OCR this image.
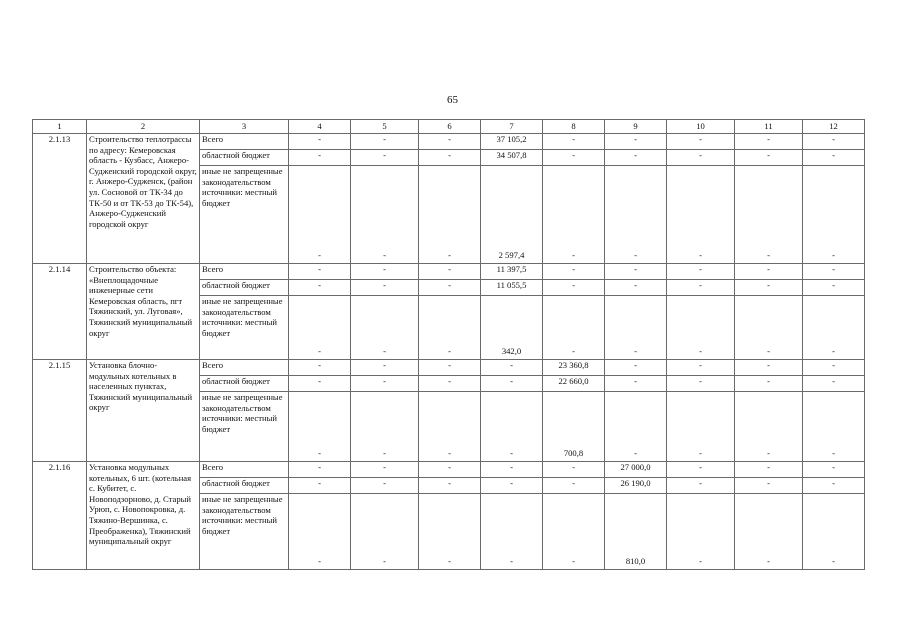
65
1	2	3	4	5	6	7	8	9	10	11	12
2.1.13	Строительство теплотрассы по адресу: Кемеровская область - Кузбасс, Анжеро-Судженский городской округ, г. Анжеро-Судженск, (район ул. Сосновой от ТК-34 до ТК-50 и от ТК-53 до ТК-54), Анжеро-Судженский городской округ	Всего	-	-	-	37 105,2	-	-	-	-	-
		областной бюджет	-	-	-	34 507,8	-	-	-	-	-
		иные не запрещенные законодательством источники: местный бюджет	-	-	-	2 597,4	-	-	-	-	-
2.1.14	Строительство объекта: «Внеплощадочные инженерные сети Кемеровская область, пгт Тяжинский, ул. Луговая», Тяжинский муниципальный округ	Всего	-	-	-	11 397,5	-	-	-	-	-
		областной бюджет	-	-	-	11 055,5	-	-	-	-	-
		иные не запрещенные законодательством источники: местный бюджет	-	-	-	342,0	-	-	-	-	-
2.1.15	Установка блочно-модульных котельных в населенных пунктах, Тяжинский муниципальный округ	Всего	-	-	-	-	23 360,8	-	-	-	-
		областной бюджет	-	-	-	-	22 660,0	-	-	-	-
		иные не запрещенные законодательством источники: местный бюджет	-	-	-	-	700,8	-	-	-	-
2.1.16	Установка модульных котельных, 6 шт. (котельная с. Кубитет, с. Новоподзорново, д. Старый Урюп, с. Новопокровка, д. Тяжино-Вершинка, с. Преображенка), Тяжинский муниципальный округ	Всего	-	-	-	-	-	27 000,0	-	-	-
		областной бюджет	-	-	-	-	-	26 190,0	-	-	-
		иные не запрещенные законодательством источники: местный бюджет	-	-	-	-	-	810,0	-	-	-
